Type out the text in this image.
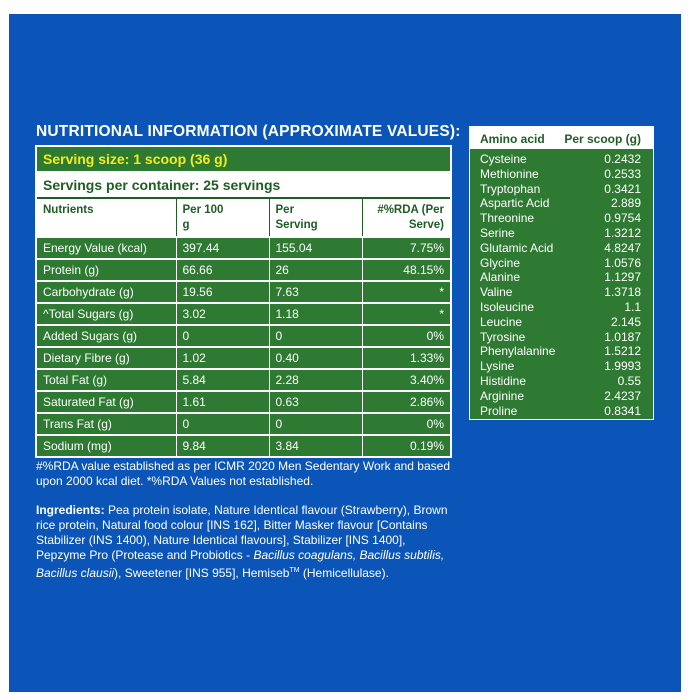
NUTRITIONAL INFORMATION (APPROXIMATE VALUES):
Serving size: 1 scoop (36 g)
Servings per container: 25 servings
Nutrients	Per 100 g	Per Serving	#%RDA (Per Serve)
Energy Value (kcal)	397.44	155.04	7.75%
Protein (g)	66.66	26	48.15%
Carbohydrate (g)	19.56	7.63	*
^Total Sugars (g)	3.02	1.18	*
Added Sugars (g)	0	0	0%
Dietary Fibre (g)	1.02	0.40	1.33%
Total Fat (g)	5.84	2.28	3.40%
Saturated Fat (g)	1.61	0.63	2.86%
Trans Fat (g)	0	0	0%
Sodium (mg)	9.84	3.84	0.19%
#%RDA value established as per ICMR 2020 Men Sedentary Work and based upon 2000 kcal diet. *%RDA Values not established.
Ingredients: Pea protein isolate, Nature Identical flavour (Strawberry), Brown rice protein, Natural food colour [INS 162], Bitter Masker flavour [Contains Stabilizer (INS 1400), Nature Identical flavours], Stabilizer [INS 1400], Pepzyme Pro (Protease and Probiotics - Bacillus coagulans, Bacillus subtilis, Bacillus clausii), Sweetener [INS 955], Hemiseb™ (Hemicellulase).
Amino acid Per scoop (g)
Cysteine	0.2432
Methionine	0.2533
Tryptophan	0.3421
Aspartic Acid	2.889
Threonine	0.9754
Serine	1.3212
Glutamic Acid	4.8247
Glycine	1.0576
Alanine	1.1297
Valine	1.3718
Isoleucine	1.1
Leucine	2.145
Tyrosine	1.0187
Phenylalanine	1.5212
Lysine	1.9993
Histidine	0.55
Arginine	2.4237
Proline	0.8341
